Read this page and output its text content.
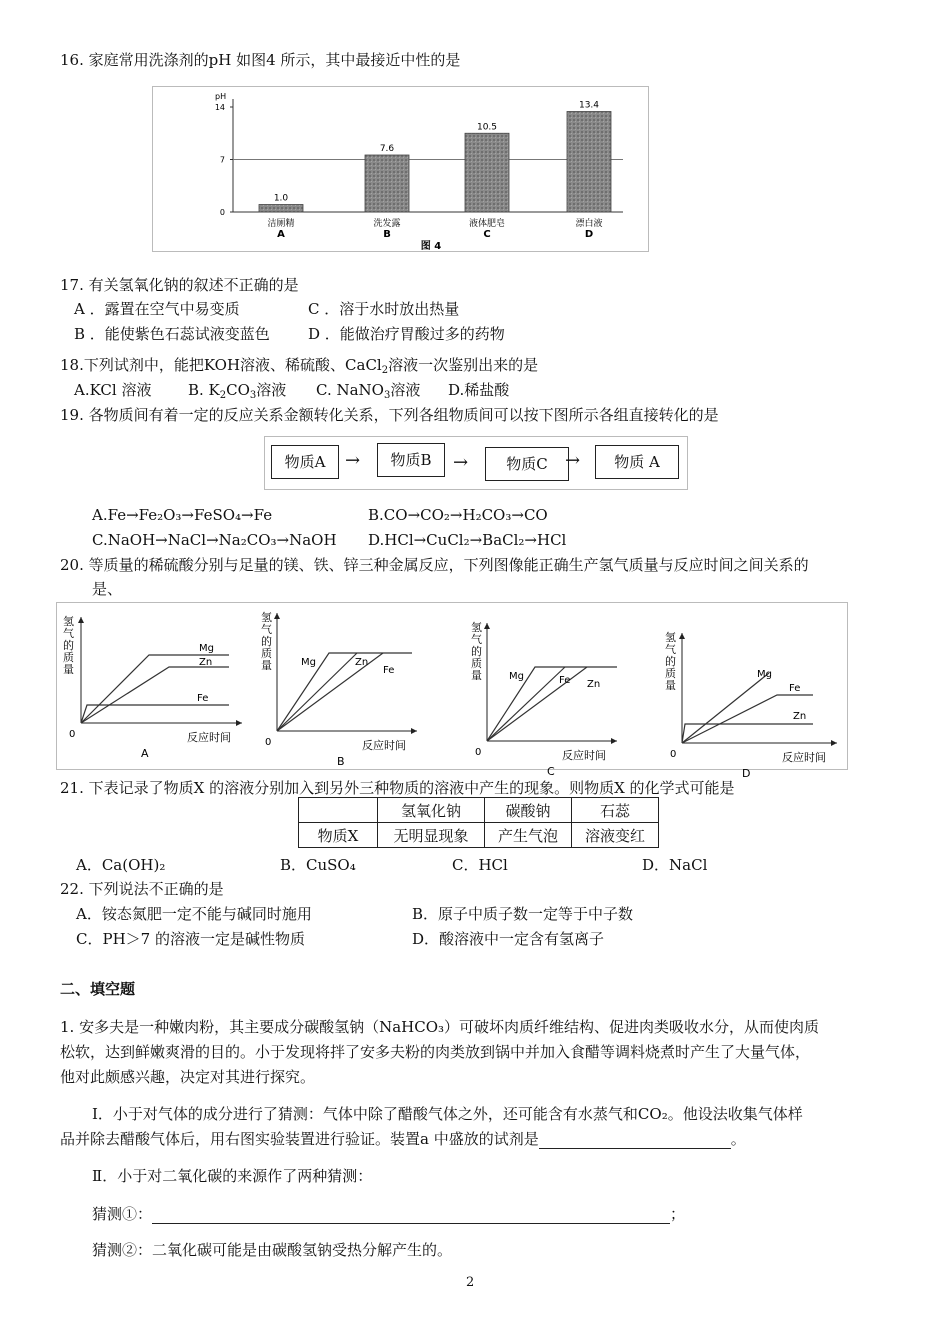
16. 家庭常用洗涤剂的pH 如图4 所示，其中最接近中性的是
pH
0
7
14
1.0
洁厕精
A
7.6
洗发露
B
10.5
液体肥皂
C
13.4
漂白液
D
图 4
17. 有关氢氧化钠的叙述不正确的是
A ．露置在空气中易变质	C ．溶于水时放出热量
B ．能使紫色石蕊试液变蓝色	D ．能做治疗胃酸过多的药物
18.下列试剂中，能把KOH溶液、稀硫酸、CaCl$_2$溶液一次鉴别出来的是
A.KCl 溶液 B. $K_2CO_3$溶液 C. NaNO$_3$溶液 D.稀盐酸
19. 各物质间有着一定的反应关系金额转化关系，下列各组物质间可以按下图所示各组直接转化的是
物质A	→	物质B	→	物质C →	物质 A
A.Fe→Fe₂O₃→FeSO₄→Fe	B.CO→CO₂→H₂CO₃→CO
C.NaOH→NaCl→Na₂CO₃→NaOH D.HCl→CuCl₂→BaCl₂→HCl
20. 等质量的稀硫酸分别与足量的镁、铁、锌三种金属反应，下列图像能正确生产氢气质量与反应时间之间关系的
是、
氢气的质量
0	反应时间
A
氢气的质量
0	反应时间
B
氢气的质量
0	反应时间
C
氢气的质量
0	反应时间
D
Mg
Zn
Fe
Mg	Zn
Fe
Mg	Fe Zn
Mg
Fe
Zn
21. 下表记录了物质X 的溶液分别加入到另外三种物质的溶液中产生的现象。则物质X 的化学式可能是
	氢氧化钠	碳酸钠	石蕊
物质X	无明显现象	产生气泡	溶液变红
A．Ca(OH)₂	B．CuSO₄	C．HCl	D．NaCl
22. 下列说法不正确的是
A．铵态氮肥一定不能与碱同时施用	B．原子中质子数一定等于中子数
C．PH＞7 的溶液一定是碱性物质	D．酸溶液中一定含有氢离子
二、填空题
1. 安多夫是一种嫩肉粉，其主要成分碳酸氢钠（NaHCO₃）可破坏肉质纤维结构、促进肉类吸收水分，从而使肉质
松软，达到鲜嫩爽滑的目的。小于发现将拌了安多夫粉的肉类放到锅中并加入食醋等调料烧煮时产生了大量气体，
他对此颇感兴趣，决定对其进行探究。
Ⅰ．小于对气体的成分进行了猜测：气体中除了醋酸气体之外，还可能含有水蒸气和CO₂。他设法收集气体样
品并除去醋酸气体后，用右图实验装置进行验证。装置a 中盛放的试剂是	。
Ⅱ．小于对二氧化碳的来源作了两种猜测：
猜测①：	；
猜测②：二氧化碳可能是由碳酸氢钠受热分解产生的。
2
